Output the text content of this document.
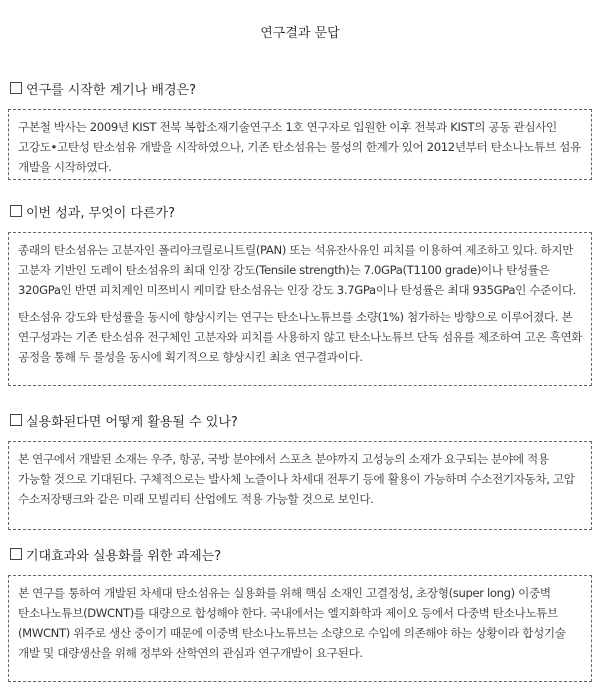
연구결과 문답
연구를 시작한 계기나 배경은?

구본철 박사는 2009년 KIST 전북 복합소재기술연구소 1호 연구자로 입원한 이후 전북과 KIST의 공동 관심사인 고강도•고탄성 탄소섬유 개발을 시작하였으나, 기존 탄소섬유는 물성의 한계가 있어 2012년부터 탄소나노튜브 섬유 개발을 시작하였다.

이번 성과, 무엇이 다른가?

종래의 탄소섬유는 고분자인 폴리아크릴로니트릴(PAN) 또는 석유잔사유인 피치를 이용하여 제조하고 있다. 하지만 고분자 기반인 도레이 탄소섬유의 최대 인장 강도(Tensile strength)는 7.0GPa(T1100 grade)이나 탄성률은 320GPa인 반면 피치계인 미쯔비시 케미칼 탄소섬유는 인장 강도 3.7GPa이나 탄성률은 최대 935GPa인 수준이다.

탄소섬유 강도와 탄성률을 동시에 향상시키는 연구는 탄소나노튜브를 소량(1%) 첨가하는 방향으로 이루어졌다. 본 연구성과는 기존 탄소섬유 전구체인 고분자와 피치를 사용하지 않고 탄소나노튜브 단독 섬유를 제조하여 고온 흑연화 공정을 통해 두 물성을 동시에 획기적으로 향상시킨 최초 연구결과이다.

실용화된다면 어떻게 활용될 수 있나?

본 연구에서 개발된 소재는 우주, 항공, 국방 분야에서 스포츠 분야까지 고성능의 소재가 요구되는 분야에 적용 가능할 것으로 기대된다. 구체적으로는 발사체 노즐이나 차세대 전투기 등에 활용이 가능하며 수소전기자동차, 고압 수소저장탱크와 같은 미래 모빌리티 산업에도 적용 가능할 것으로 보인다.

기대효과와 실용화를 위한 과제는?

본 연구를 통하여 개발된 차세대 탄소섬유는 실용화를 위해 핵심 소재인 고결정성, 초장형(super long) 이중벽 탄소나노튜브(DWCNT)를 대량으로 합성해야 한다. 국내에서는 엘지화학과 제이오 등에서 다중벽 탄소나노튜브(MWCNT) 위주로 생산 중이기 때문에 이중벽 탄소나노튜브는 소량으로 수입에 의존해야 하는 상황이라 합성기술 개발 및 대량생산을 위해 정부와 산학연의 관심과 연구개발이 요구된다.
